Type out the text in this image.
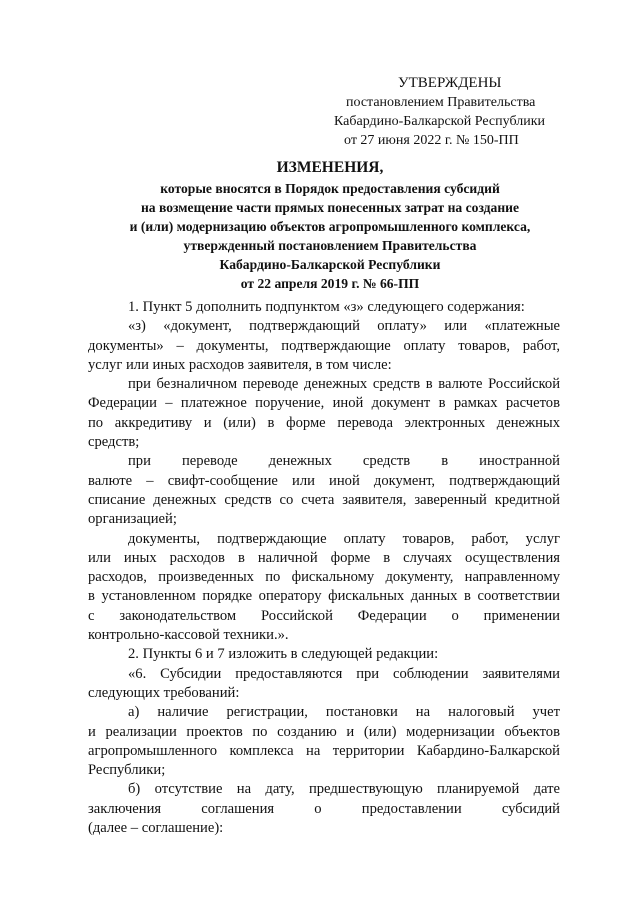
УТВЕРЖДЕНЫ
постановлением Правительства
Кабардино-Балкарской Республики
от 27 июня 2022 г. № 150-ПП
ИЗМЕНЕНИЯ,
которые вносятся в Порядок предоставления субсидий
на возмещение части прямых понесенных затрат на создание
и (или) модернизацию объектов агропромышленного комплекса,
утвержденный постановлением Правительства
Кабардино-Балкарской Республики
от 22 апреля 2019 г. № 66-ПП
1. Пункт 5 дополнить подпунктом «з» следующего содержания:
«з) «документ, подтверждающий оплату» или «платежные
документы» – документы, подтверждающие оплату товаров, работ,
услуг или иных расходов заявителя, в том числе:
при безналичном переводе денежных средств в валюте Российской
Федерации – платежное поручение, иной документ в рамках расчетов
по аккредитиву и (или) в форме перевода электронных денежных
средств;
при переводе денежных средств в иностранной
валюте – свифт-сообщение или иной документ, подтверждающий
списание денежных средств со счета заявителя, заверенный кредитной
организацией;
документы, подтверждающие оплату товаров, работ, услуг
или иных расходов в наличной форме в случаях осуществления
расходов, произведенных по фискальному документу, направленному
в установленном порядке оператору фискальных данных в соответствии
с законодательством Российской Федерации о применении
контрольно-кассовой техники.».
2. Пункты 6 и 7 изложить в следующей редакции:
«6. Субсидии предоставляются при соблюдении заявителями
следующих требований:
а) наличие регистрации, постановки на налоговый учет
и реализации проектов по созданию и (или) модернизации объектов
агропромышленного комплекса на территории Кабардино-Балкарской
Республики;
б) отсутствие на дату, предшествующую планируемой дате
заключения соглашения о предоставлении субсидий
(далее – соглашение):
